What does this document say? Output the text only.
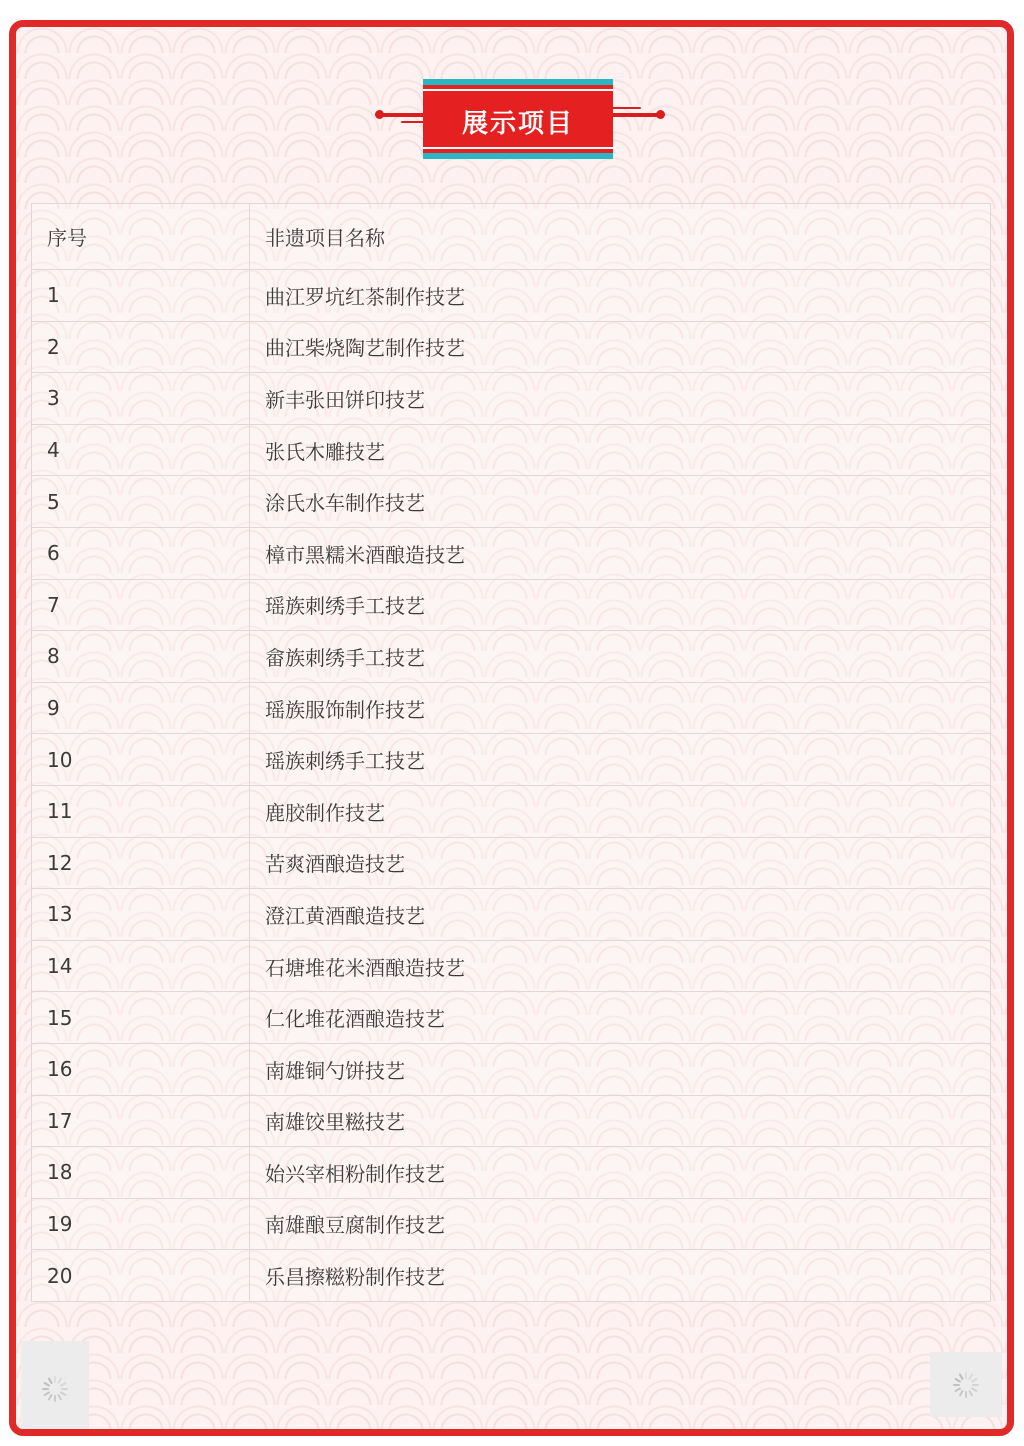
展示项目
序号	非遗项目名称
1	曲江罗坑红茶制作技艺
2	曲江柴烧陶艺制作技艺
3	新丰张田饼印技艺
4	张氏木雕技艺
5	涂氏水车制作技艺
6	樟市黑糯米酒酿造技艺
7	瑶族刺绣手工技艺
8	畲族刺绣手工技艺
9	瑶族服饰制作技艺
10	瑶族刺绣手工技艺
11	鹿胶制作技艺
12	苦爽酒酿造技艺
13	澄江黄酒酿造技艺
14	石塘堆花米酒酿造技艺
15	仁化堆花酒酿造技艺
16	南雄铜勺饼技艺
17	南雄饺里糍技艺
18	始兴宰相粉制作技艺
19	南雄酿豆腐制作技艺
20	乐昌擦糍粉制作技艺
